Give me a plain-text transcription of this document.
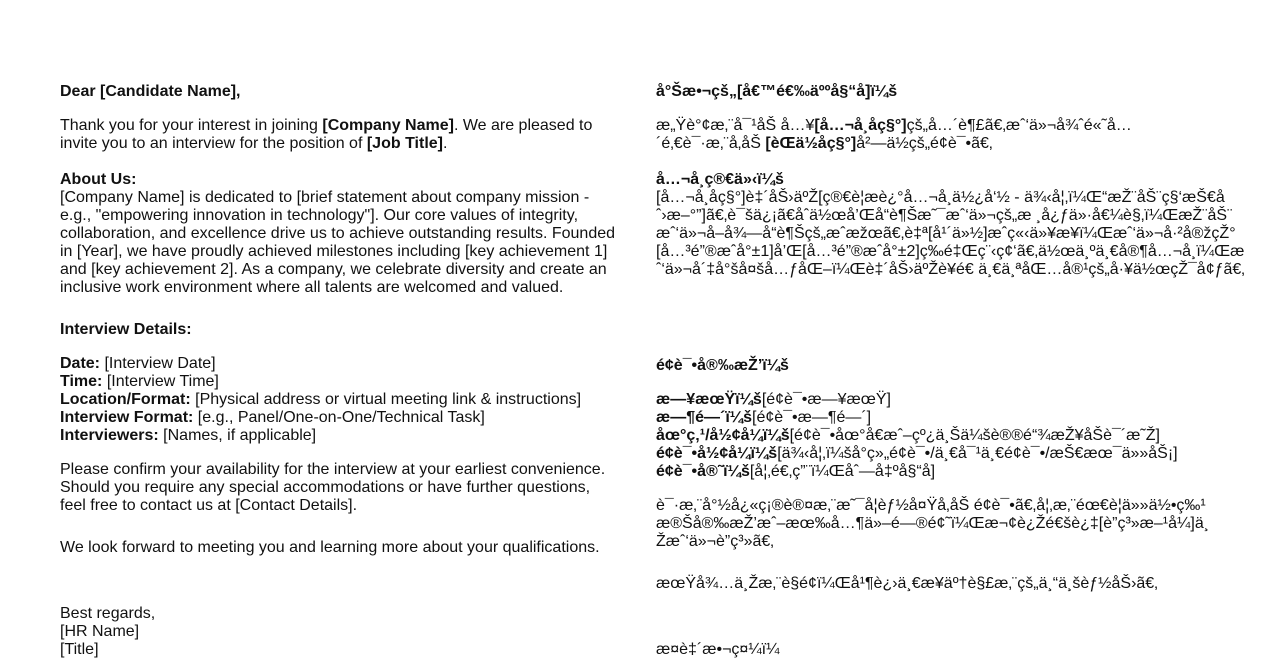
Dear [Candidate Name],

Thank you for your interest in joining [Company Name]. We are pleased to invite you to an interview for the position of [Job Title].

About Us:

[Company Name] is dedicated to [brief statement about company mission - e.g., "empowering innovation in technology"]. Our core values of integrity, collaboration, and excellence drive us to achieve outstanding results. Founded in [Year], we have proudly achieved milestones including [key achievement 1] and [key achievement 2]. As a company, we celebrate diversity and create an inclusive work environment where all talents are welcomed and valued.

Interview Details:

Date: [Interview Date]

Time: [Interview Time]

Location/Format: [Physical address or virtual meeting link & instructions]

Interview Format: [e.g., Panel/One-on-One/Technical Task]

Interviewers: [Names, if applicable]

Please confirm your availability for the interview at your earliest convenience. Should you require any special accommodations or have further questions, feel free to contact us at [Contact Details].

We look forward to meeting you and learning more about your qualifications.

Best regards,

[HR Name]

[Title]

å°Šæ•¬çš„[å€™é€‰äººå§“å]ï¼š

æ„Ÿè°¢æ‚¨å¯¹åŠ å…¥[å…¬å¸åç§°]çš„å…´è¶£ã€‚æˆ‘ä»¬å¾ˆé«˜å…´é‚€è¯·æ‚¨å‚åŠ [èŒä½åç§°]å²—ä½çš„é¢è¯•ã€‚

å…¬å¸ç®€ä»‹ï¼š

[å…¬å¸åç§°]è‡´åŠ›äºŽ[ç®€è¦æè¿°å…¬å¸ä½¿å‘½ - ä¾‹å¦‚ï¼Œ“æŽ¨åŠ¨ç§‘æŠ€åˆ›æ–°”]ã€‚è¯šä¿¡ã€åˆä½œå’Œå“è¶Šæ˜¯æˆ‘ä»¬çš„æ ¸å¿ƒä»·å€¼è§‚ï¼ŒæŽ¨åŠ¨æˆ‘ä»¬å–å¾—å“è¶Šçš„æˆæžœã€‚è‡ª[å¹´ä»½]æˆç«‹ä»¥æ¥ï¼Œæˆ‘ä»¬å·²å®žçŽ°[å…³é”®æˆå°±1]å’Œ[å…³é”®æˆå°±2]ç‰é‡Œç¨‹ç¢‘ã€‚ä½œä¸ºä¸€å®¶å…¬å¸ï¼Œæˆ‘ä»¬å´‡å°šå¤šå…ƒåŒ–ï¼Œè‡´åŠ›äºŽè¥é€ ä¸€ä¸ªåŒ…å®¹çš„å·¥ä½œçŽ¯å¢ƒã€‚

é¢è¯•å®‰æŽ’ï¼š

æ—¥æœŸï¼š[é¢è¯•æ—¥æœŸ]

æ—¶é—´ï¼š[é¢è¯•æ—¶é—´]

åœ°ç‚¹/å½¢å¼ï¼š[é¢è¯•åœ°å€æˆ–çº¿ä¸Šä¼šè®®é“¾æŽ¥åŠè¯´æ˜Ž]

é¢è¯•å½¢å¼ï¼š[ä¾‹å¦‚ï¼šå°ç»„é¢è¯•/ä¸€å¯¹ä¸€é¢è¯•/æŠ€æœ¯ä»»åŠ¡]

é¢è¯•å®˜ï¼š[å¦‚é€‚ç”¨ï¼Œåˆ—å‡ºå§“å]

è¯·æ‚¨å°½å¿«ç¡®è®¤æ‚¨æ˜¯å¦èƒ½å¤Ÿå‚åŠ é¢è¯•ã€‚å¦‚æ‚¨éœ€è¦ä»»ä½•ç‰¹æ®Šå®‰æŽ’æˆ–æœ‰å…¶ä»–é—®é¢˜ï¼Œæ¬¢è¿Žé€šè¿‡[è”ç³»æ–¹å¼]ä¸Žæˆ‘ä»¬è”ç³»ã€‚

æœŸå¾…ä¸Žæ‚¨è§é¢ï¼Œå¹¶è¿›ä¸€æ¥äº†è§£æ‚¨çš„ä¸“ä¸šèƒ½åŠ›ã€‚

æ¤è‡´æ•¬ç¤¼ï¼
